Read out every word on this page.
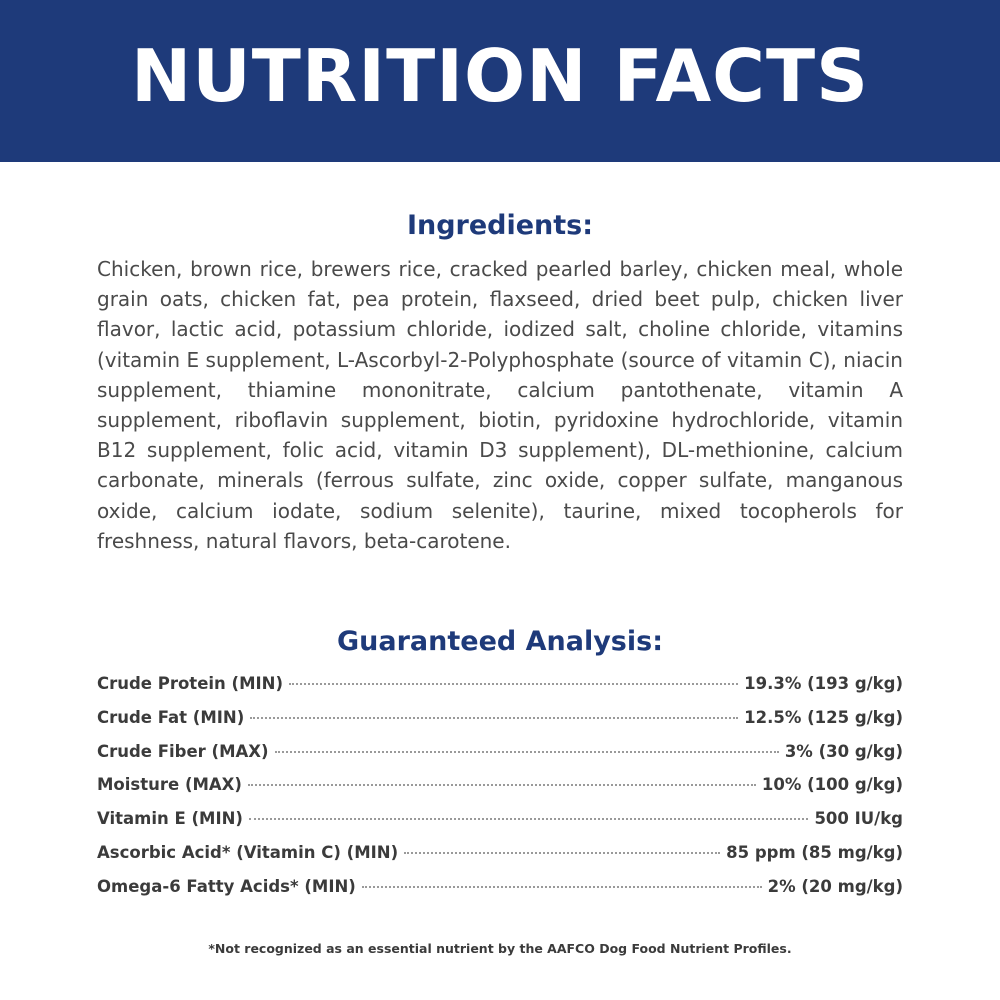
NUTRITION FACTS
Ingredients:
Chicken, brown rice, brewers rice, cracked pearled barley, chicken meal, whole grain oats, chicken fat, pea protein, flaxseed, dried beet pulp, chicken liver flavor, lactic acid, potassium chloride, iodized salt, choline chloride, vitamins (vitamin E supplement, L-Ascorbyl-2-Polyphosphate (source of vitamin C), niacin supplement, thiamine mononitrate, calcium pantothenate, vitamin A supplement, riboflavin supplement, biotin, pyridoxine hydrochloride, vitamin B12 supplement, folic acid, vitamin D3 supplement), DL-methionine, calcium carbonate, minerals (ferrous sulfate, zinc oxide, copper sulfate, manganous oxide, calcium iodate, sodium selenite), taurine, mixed tocopherols for freshness, natural flavors, beta-carotene.
Guaranteed Analysis:
Crude Protein (MIN)	19.3% (193 g/kg)
Crude Fat (MIN)	12.5% (125 g/kg)
Crude Fiber (MAX)	3% (30 g/kg)
Moisture (MAX)	10% (100 g/kg)
Vitamin E (MIN)	500 IU/kg
Ascorbic Acid* (Vitamin C) (MIN)	85 ppm (85 mg/kg)
Omega-6 Fatty Acids* (MIN)	2% (20 mg/kg)
*Not recognized as an essential nutrient by the AAFCO Dog Food Nutrient Profiles.
